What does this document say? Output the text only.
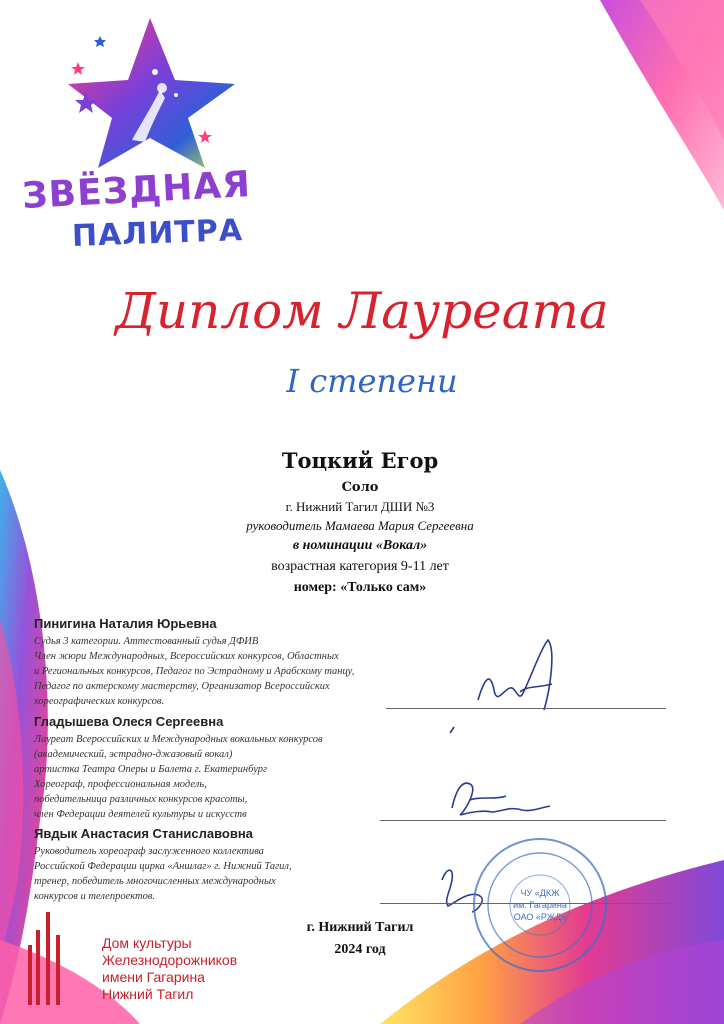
ЗВЁЗДНАЯ
ПАЛИТРА
Диплом Лауреата
I степени
Тоцкий Егор
Соло
г. Нижний Тагил ДШИ №3
руководитель Мамаева Мария Сергеевна
в номинации «Вокал»
возрастная категория 9-11 лет
номер: «Только сам»
Пинигина Наталия Юрьевна
Судья 3 категории. Аттестованный судья ДФИВ
Член жюри Международных, Всероссийских конкурсов, Областных
и Региональных конкурсов, Педагог по Эстрадному и Арабскому танцу,
Педагог по актерскому мастерству, Организатор Всероссийских
хореографических конкурсов.
Гладышева Олеся Сергеевна
Лауреат Всероссийских и Международных вокальных конкурсов
(академический, эстрадно-джазовый вокал)
артистка Театра Оперы и Балета г. Екатеринбург
Хореограф, профессиональная модель,
победительница различных конкурсов красоты,
член Федерации деятелей культуры и искусств
Явдык Анастасия Станиславовна
Руководитель хореограф заслуженного коллектива
Российской Федерации цирка «Аншлаг» г. Нижний Тагил,
тренер, победитель многочисленных международных
конкурсов и телепроектов.	ЧУ «ДКЖ
им. Гагарина
ОАО «РЖД»
г. Нижний Тагил
2024 год
Дом культуры
Железнодорожников
имени Гагарина
Нижний Тагил
